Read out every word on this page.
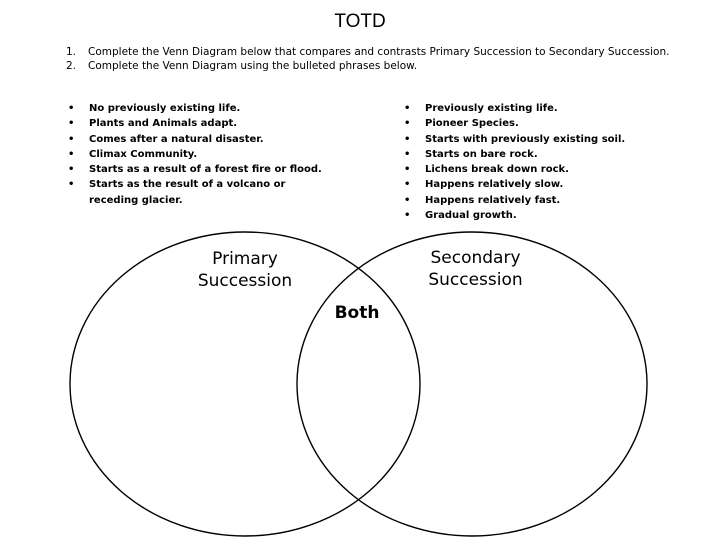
TOTD
1. Complete the Venn Diagram below that compares and contrasts Primary Succession to Secondary Succession.
2. Complete the Venn Diagram using the bulleted phrases below.
• No previously existing life.
• Plants and Animals adapt.
• Comes after a natural disaster.
• Climax Community.
• Starts as a result of a forest fire or flood.
• Starts as the result of a volcano or receding glacier.
• Previously existing life.
• Pioneer Species.
• Starts with previously existing soil.
• Starts on bare rock.
• Lichens break down rock.
• Happens relatively slow.
• Happens relatively fast.
• Gradual growth.
Primary
Succession
Secondary
Succession
Both
